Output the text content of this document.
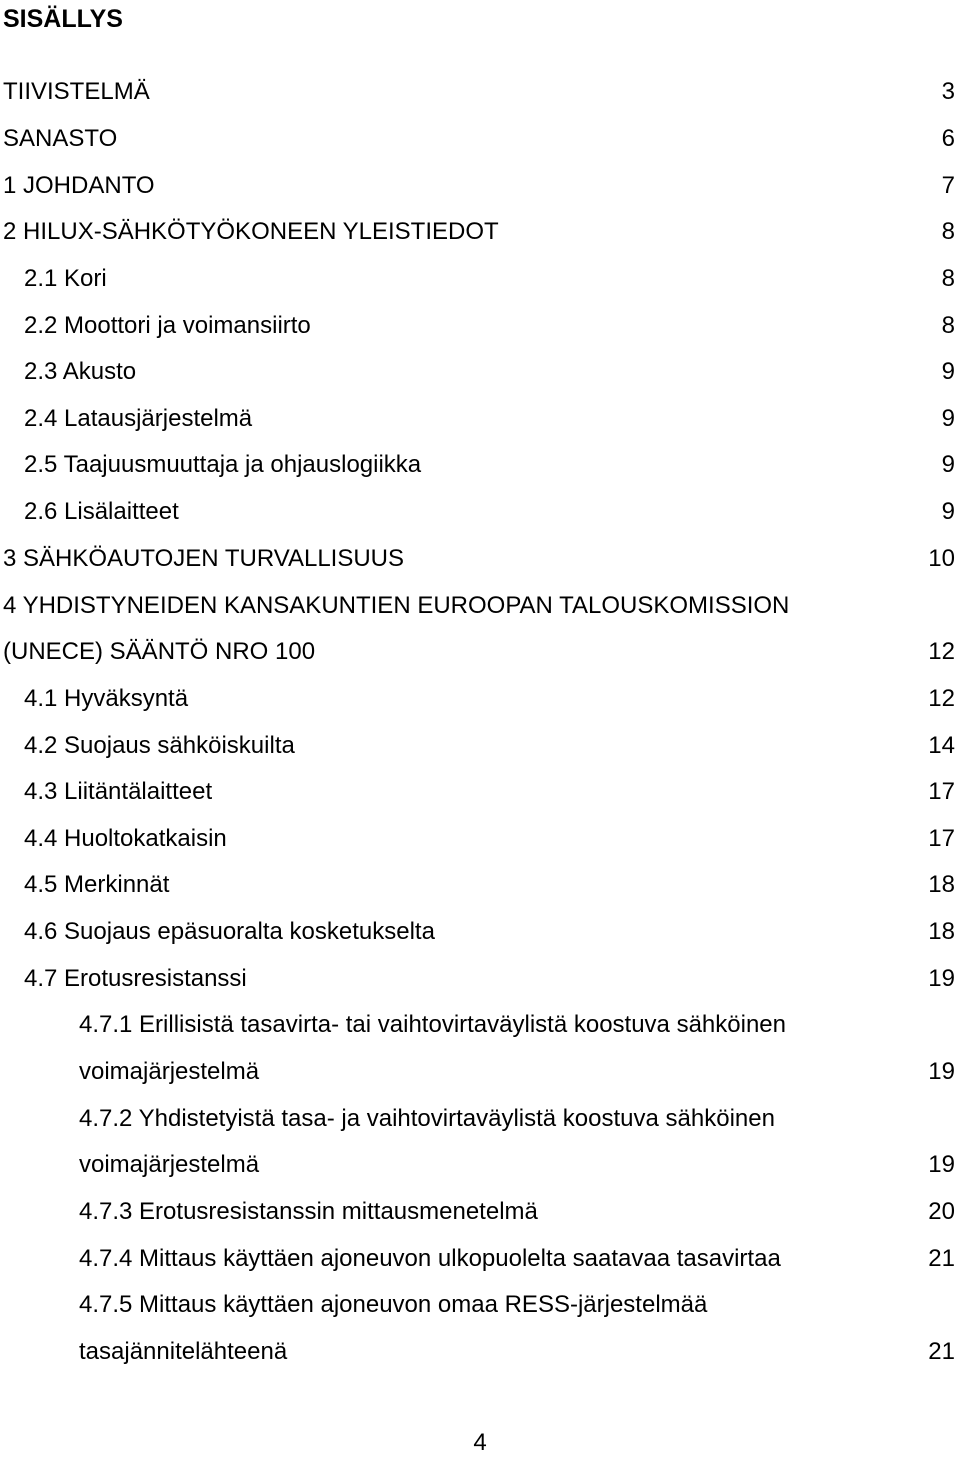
SISÄLLYS
TIIVISTELMÄ	3
SANASTO	6
1 JOHDANTO	7
2 HILUX-SÄHKÖTYÖKONEEN YLEISTIEDOT	8
2.1 Kori	8
2.2 Moottori ja voimansiirto	8
2.3 Akusto	9
2.4 Latausjärjestelmä	9
2.5 Taajuusmuuttaja ja ohjauslogiikka	9
2.6 Lisälaitteet	9
3 SÄHKÖAUTOJEN TURVALLISUUS	10
4 YHDISTYNEIDEN KANSAKUNTIEN EUROOPAN TALOUSKOMISSION
(UNECE) SÄÄNTÖ NRO 100	12
4.1 Hyväksyntä	12
4.2 Suojaus sähköiskuilta	14
4.3 Liitäntälaitteet	17
4.4 Huoltokatkaisin	17
4.5 Merkinnät	18
4.6 Suojaus epäsuoralta kosketukselta	18
4.7 Erotusresistanssi	19
4.7.1 Erillisistä tasavirta- tai vaihtovirtaväylistä koostuva sähköinen
voimajärjestelmä	19
4.7.2 Yhdistetyistä tasa- ja vaihtovirtaväylistä koostuva sähköinen
voimajärjestelmä	19
4.7.3 Erotusresistanssin mittausmenetelmä	20
4.7.4 Mittaus käyttäen ajoneuvon ulkopuolelta saatavaa tasavirtaa	21
4.7.5 Mittaus käyttäen ajoneuvon omaa RESS-järjestelmää
tasajännitelähteenä	21
4
